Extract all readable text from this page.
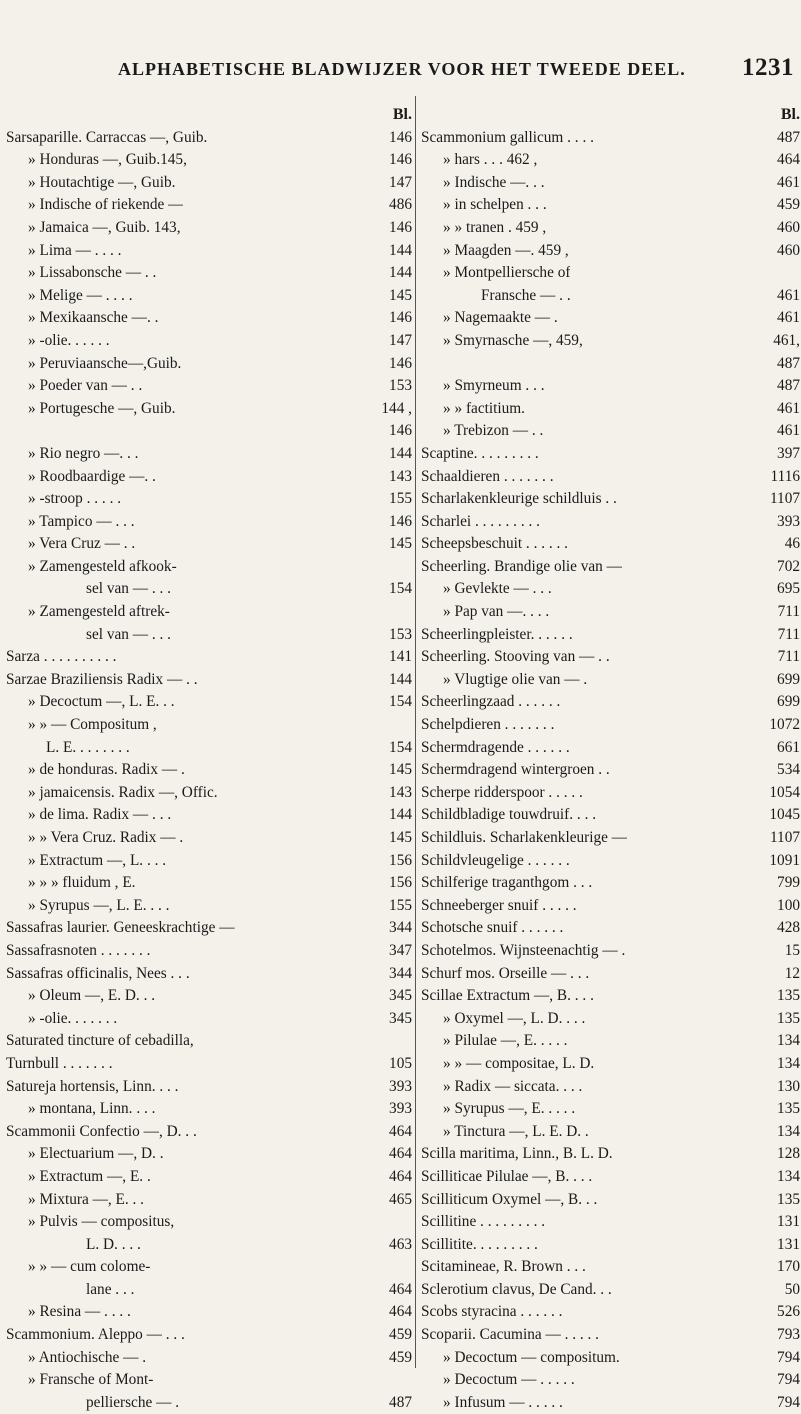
ALPHABETISCHE BLADWIJZER VOOR HET TWEEDE DEEL. 1231
Bl.
Sarsaparille. Carraccas —, Guib.	146
» Honduras —, Guib.145,	146
» Houtachtige —, Guib.	147
» Indische of riekende —	486
» Jamaica —, Guib. 143,	146
» Lima — . . . .	144
» Lissabonsche — . .	144
» Melige — . . . .	145
» Mexikaansche —. .	146
» -olie. . . . . .	147
» Peruviaansche—,Guib.	146
» Poeder van — . .	153
» Portugesche —, Guib.	144 ,
146
» Rio negro —. . .	144
» Roodbaardige —. .	143
» -stroop . . . . .	155
» Tampico — . . .	146
» Vera Cruz — . .	145
» Zamengesteld afkook-
sel van — . . .	154
» Zamengesteld aftrek-
sel van — . . .	153
Sarza . . . . . . . . . .	141
Sarzae Braziliensis Radix — . .	144
» Decoctum —, L. E. . .	154
» » — Compositum ,
L. E. . . . . . . .	154
» de honduras. Radix — .	145
» jamaicensis. Radix —, Offic.	143
» de lima. Radix — . . .	144
» » Vera Cruz. Radix — .	145
» Extractum —, L. . . .	156
» » » fluidum , E.	156
» Syrupus —, L. E. . . .	155
Sassafras laurier. Geneeskrachtige —	344
Sassafrasnoten . . . . . . .	347
Sassafras officinalis, Nees . . .	344
» Oleum —, E. D. . .	345
» -olie. . . . . . .	345
Saturated tincture of cebadilla,
Turnbull . . . . . . .	105
Satureja hortensis, Linn. . . .	393
» montana, Linn. . . .	393
Scammonii Confectio —, D. . .	464
» Electuarium —, D. .	464
» Extractum —, E. .	464
» Mixtura —, E. . .	465
» Pulvis — compositus,
L. D. . . .	463
» » — cum colome-
lane . . .	464
» Resina — . . . .	464
Scammonium. Aleppo — . . .	459
» Antiochische — .	459
» Fransche of Mont-
pelliersche — .	487
Bl.
Scammonium gallicum . . . .	487
» hars . . . 462 ,	464
» Indische —. . .	461
» in schelpen . . .	459
» » tranen . 459 ,	460
» Maagden —. 459 ,	460
» Montpelliersche of
Fransche — . .	461
» Nagemaakte — .	461
» Smyrnasche —, 459,	461,
487
» Smyrneum . . .	487
» » factitium.	461
» Trebizon — . .	461
Scaptine. . . . . . . . .	397
Schaaldieren . . . . . . .	1116
Scharlakenkleurige schildluis . .	1107
Scharlei . . . . . . . . .	393
Scheepsbeschuit . . . . . .	46
Scheerling. Brandige olie van —	702
» Gevlekte — . . .	695
» Pap van —. . . .	711
Scheerlingpleister. . . . . .	711
Scheerling. Stooving van — . .	711
» Vlugtige olie van — .	699
Scheerlingzaad . . . . . .	699
Schelpdieren . . . . . . .	1072
Schermdragende . . . . . .	661
Schermdragend wintergroen . .	534
Scherpe ridderspoor . . . . .	1054
Schildbladige touwdruif. . . .	1045
Schildluis. Scharlakenkleurige —	1107
Schildvleugelige . . . . . .	1091
Schilferige traganthgom . . .	799
Schneeberger snuif . . . . .	100
Schotsche snuif . . . . . .	428
Schotelmos. Wijnsteenachtig — .	15
Schurf mos. Orseille — . . .	12
Scillae Extractum —, B. . . .	135
» Oxymel —, L. D. . . .	135
» Pilulae —, E. . . . .	134
» » — compositae, L. D.	134
» Radix — siccata. . . .	130
» Syrupus —, E. . . . .	135
» Tinctura —, L. E. D. .	134
Scilla maritima, Linn., B. L. D.	128
Scilliticae Pilulae —, B. . . .	134
Scilliticum Oxymel —, B. . .	135
Scillitine . . . . . . . . .	131
Scillitite. . . . . . . . .	131
Scitamineae, R. Brown . . .	170
Sclerotium clavus, De Cand. . .	50
Scobs styracina . . . . . .	526
Scoparii. Cacumina — . . . . .	793
» Decoctum — compositum.	794
» Decoctum — . . . . .	794
» Infusum — . . . . .	794
